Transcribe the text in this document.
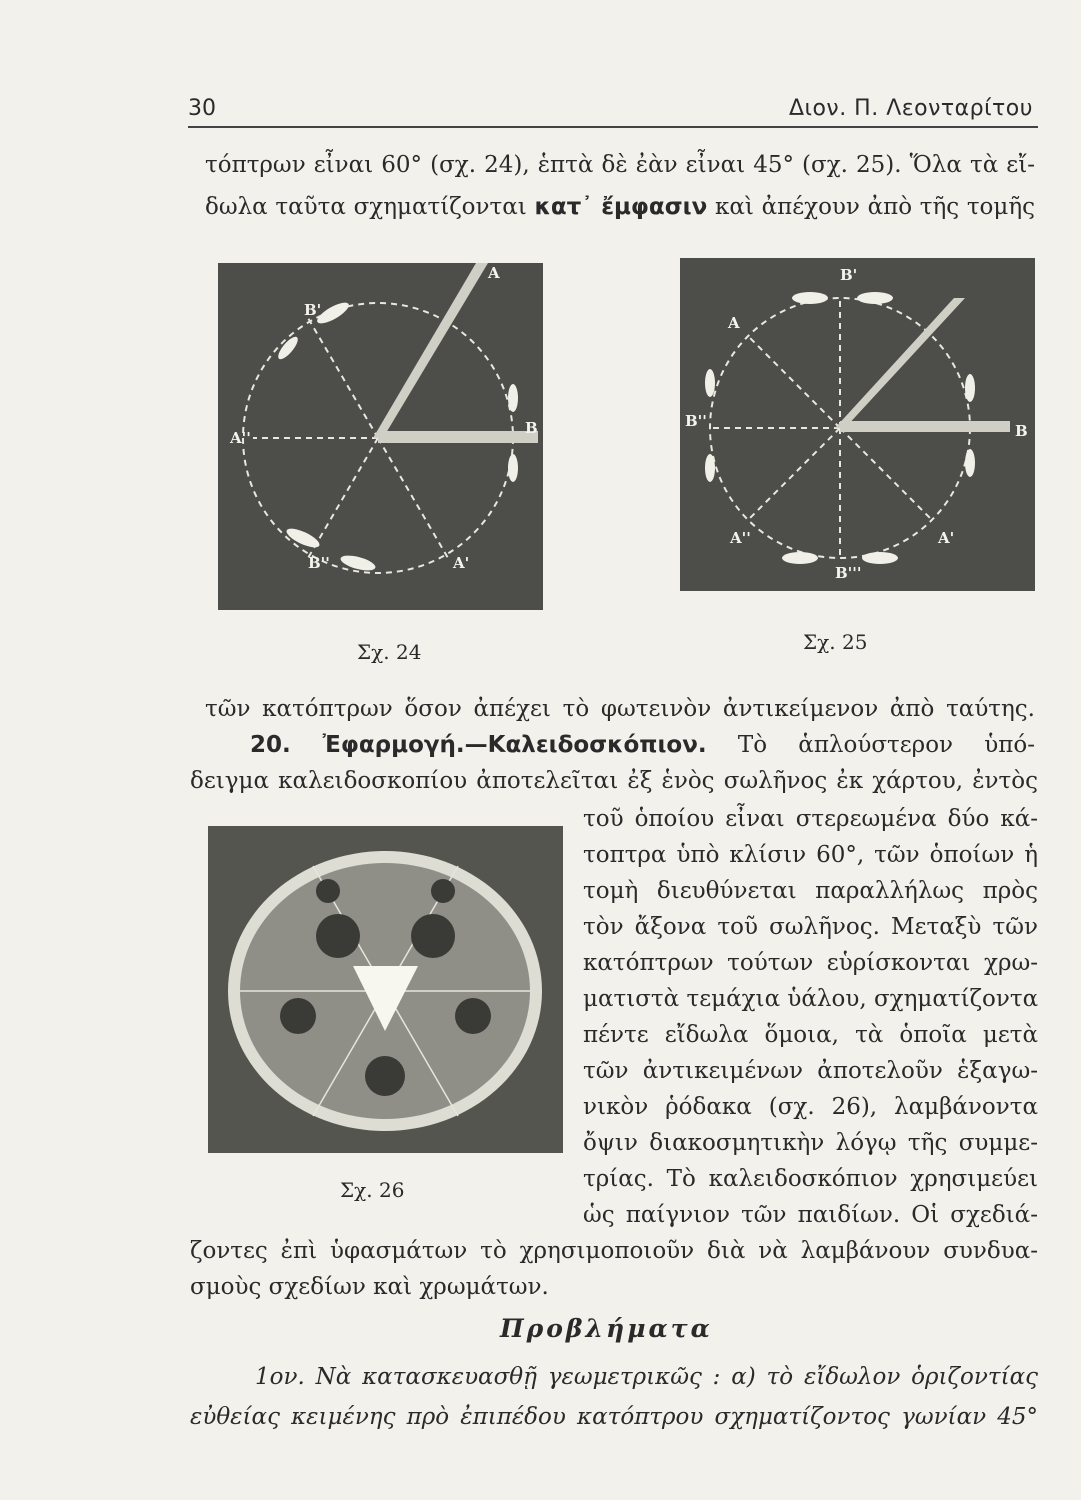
30	Διον. Π. Λεονταρίτου
τόπτρων εἶναι 60° (σχ. 24), ἑπτὰ δὲ ἐὰν εἶναι 45° (σχ. 25). Ὅλα τὰ εἴ-
δωλα ταῦτα σχηματίζονται κατ᾿ ἔμφασιν καὶ ἀπέχουν ἀπὸ τῆς τομῆς
A
B'
A''
B
B''	A'
Σχ. 24
B'
A
B''
B
A''	A'
B'''
Σχ. 25
τῶν κατόπτρων ὅσον ἀπέχει τὸ φωτεινὸν ἀντικείμενον ἀπὸ ταύτης.
20. Ἐφαρμογή.—Καλειδοσκόπιον. Τὸ ἁπλούστερον ὑπό-
δειγμα καλειδοσκοπίου ἀποτελεῖται ἐξ ἑνὸς σωλῆνος ἐκ χάρτου, ἐντὸς
Σχ. 26
τοῦ ὁποίου εἶναι στερεωμένα δύο κά-
τοπτρα ὑπὸ κλίσιν 60°, τῶν ὁποίων ἡ
τομὴ διευθύνεται παραλλήλως πρὸς
τὸν ἄξονα τοῦ σωλῆνος. Μεταξὺ τῶν
κατόπτρων τούτων εὑρίσκονται χρω-
ματιστὰ τεμάχια ὑάλου, σχηματίζοντα
πέντε εἴδωλα ὅμοια, τὰ ὁποῖα μετὰ
τῶν ἀντικειμένων ἀποτελοῦν ἑξαγω-
νικὸν ῥόδακα (σχ. 26), λαμβάνοντα
ὄψιν διακοσμητικὴν λόγῳ τῆς συμμε-
τρίας. Τὸ καλειδοσκόπιον χρησιμεύει
ὡς παίγνιον τῶν παιδίων. Οἱ σχεδιά-
ζοντες ἐπὶ ὑφασμάτων τὸ χρησιμοποιοῦν διὰ νὰ λαμβάνουν συνδυα-
σμοὺς σχεδίων καὶ χρωμάτων.
Προβλήματα
1ον. Νὰ κατασκευασθῇ γεωμετρικῶς : α) τὸ εἴδωλον ὁριζοντίας
εὐθείας κειμένης πρὸ ἐπιπέδου κατόπτρου σχηματίζοντος γωνίαν 45°
